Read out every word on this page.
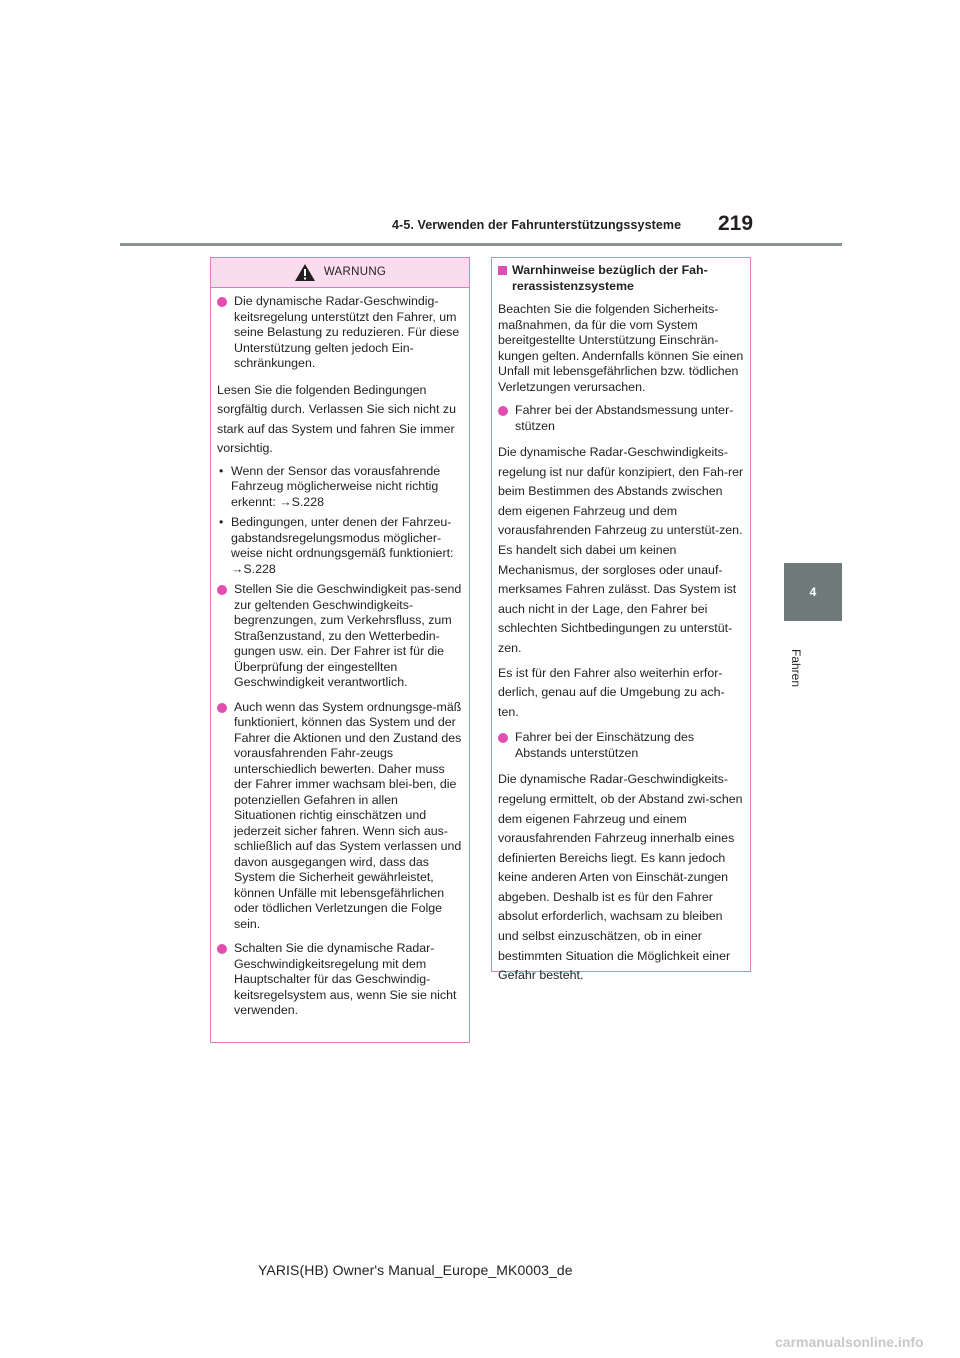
4-5. Verwenden der Fahrunterstützungssysteme 219
4
Fahren
WARNUNG
Die dynamische Radar-Geschwindig-keitsregelung unterstützt den Fahrer, um seine Belastung zu reduzieren. Für diese Unterstützung gelten jedoch Ein-schränkungen.
Lesen Sie die folgenden Bedingungen sorgfältig durch. Verlassen Sie sich nicht zu stark auf das System und fahren Sie immer vorsichtig.
• Wenn der Sensor das vorausfahrende Fahrzeug möglicherweise nicht richtig erkennt: →S.228
• Bedingungen, unter denen der Fahrzeu-gabstandsregelungsmodus möglicher-weise nicht ordnungsgemäß funktioniert: →S.228
Stellen Sie die Geschwindigkeit pas-send zur geltenden Geschwindigkeits-begrenzungen, zum Verkehrsfluss, zum Straßenzustand, zu den Wetterbedin-gungen usw. ein. Der Fahrer ist für die Überprüfung der eingestellten Geschwindigkeit verantwortlich.
Auch wenn das System ordnungsge-mäß funktioniert, können das System und der Fahrer die Aktionen und den Zustand des vorausfahrenden Fahr-zeugs unterschiedlich bewerten. Daher muss der Fahrer immer wachsam blei-ben, die potenziellen Gefahren in allen Situationen richtig einschätzen und jederzeit sicher fahren. Wenn sich aus-schließlich auf das System verlassen und davon ausgegangen wird, dass das System die Sicherheit gewährleistet, können Unfälle mit lebensgefährlichen oder tödlichen Verletzungen die Folge sein.
Schalten Sie die dynamische Radar-Geschwindigkeitsregelung mit dem Hauptschalter für das Geschwindig-keitsregelsystem aus, wenn Sie sie nicht verwenden.
Warnhinweise bezüglich der Fah-rerassistenzsysteme
Beachten Sie die folgenden Sicherheits-maßnahmen, da für die vom System bereitgestellte Unterstützung Einschrän-kungen gelten. Andernfalls können Sie einen Unfall mit lebensgefährlichen bzw. tödlichen Verletzungen verursachen.
Fahrer bei der Abstandsmessung unter-stützen
Die dynamische Radar-Geschwindigkeits-regelung ist nur dafür konzipiert, den Fah-rer beim Bestimmen des Abstands zwischen dem eigenen Fahrzeug und dem vorausfahrenden Fahrzeug zu unterstüt-zen. Es handelt sich dabei um keinen Mechanismus, der sorgloses oder unauf-merksames Fahren zulässt. Das System ist auch nicht in der Lage, den Fahrer bei schlechten Sichtbedingungen zu unterstüt-zen.
Es ist für den Fahrer also weiterhin erfor-derlich, genau auf die Umgebung zu ach-ten.
Fahrer bei der Einschätzung des Abstands unterstützen
Die dynamische Radar-Geschwindigkeits-regelung ermittelt, ob der Abstand zwi-schen dem eigenen Fahrzeug und einem vorausfahrenden Fahrzeug innerhalb eines definierten Bereichs liegt. Es kann jedoch keine anderen Arten von Einschät-zungen abgeben. Deshalb ist es für den Fahrer absolut erforderlich, wachsam zu bleiben und selbst einzuschätzen, ob in einer bestimmten Situation die Möglichkeit einer Gefahr besteht.
YARIS(HB) Owner's Manual_Europe_MK0003_de
carmanualsonline.info
